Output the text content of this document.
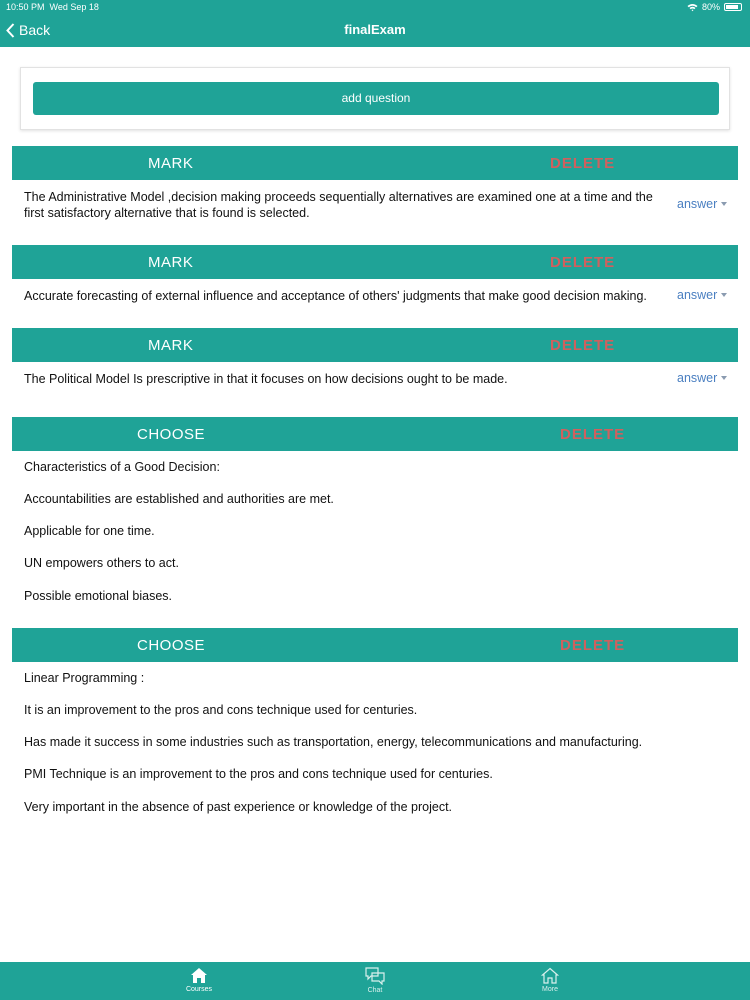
10:50 PM Wed Sep 18	80%
Back	finalExam
add question
MARK	DELETE
The Administrative Model ,decision making proceeds sequentially alternatives are examined one at a time and the first satisfactory alternative that is found is selected.
answer
MARK	DELETE
Accurate forecasting of external influence and acceptance of others' judgments that make good decision making.	answer
MARK	DELETE
The Political Model Is prescriptive in that it focuses on how decisions ought to be made.	answer
CHOOSE	DELETE
Characteristics of a Good Decision:
Accountabilities are established and authorities are met.
Applicable for one time.
UN empowers others to act.
Possible emotional biases.
CHOOSE	DELETE
Linear Programming :
It is an improvement to the pros and cons technique used for centuries.
Has made it success in some industries such as transportation, energy, telecommunications and manufacturing.
PMI Technique is an improvement to the pros and cons technique used for centuries.
Very important in the absence of past experience or knowledge of the project.
Courses	Chat	More
